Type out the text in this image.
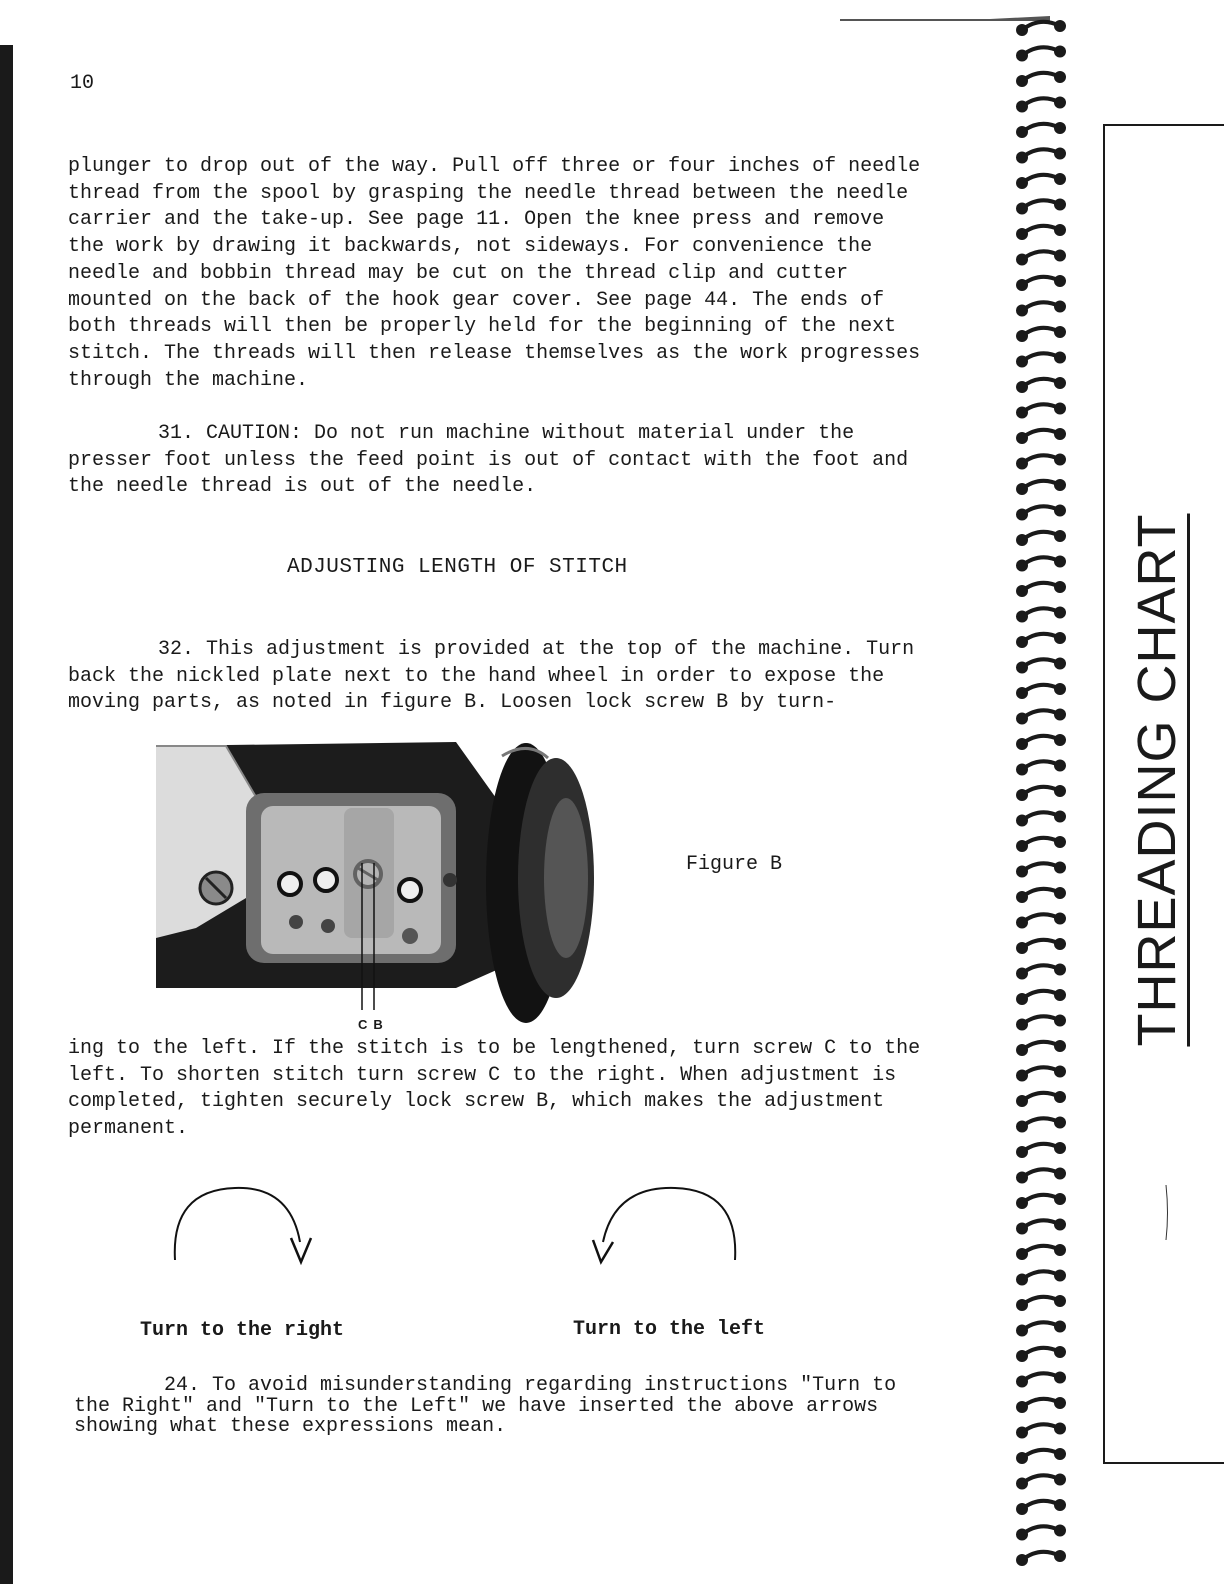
10

plunger to drop out of the way. Pull off three or four inches of needle thread from the spool by grasping the needle thread between the needle carrier and the take-up. See page 11. Open the knee press and remove the work by drawing it backwards, not sideways. For convenience the needle and bobbin thread may be cut on the thread clip and cutter mounted on the back of the hook gear cover. See page 44. The ends of both threads will then be properly held for the beginning of the next stitch. The threads will then release themselves as the work progresses through the machine.

31. CAUTION: Do not run machine without material under the presser foot unless the feed point is out of contact with the foot and the needle thread is out of the needle.

ADJUSTING LENGTH OF STITCH

32. This adjustment is provided at the top of the machine. Turn back the nickled plate next to the hand wheel in order to expose the moving parts, as noted in figure B. Loosen lock screw B by turn-

CB
Figure B

ing to the left. If the stitch is to be lengthened, turn screw C to the left. To shorten stitch turn screw C to the right. When adjustment is completed, tighten securely lock screw B, which makes the adjustment permanent.

Turn to the right	Turn to the left

24. To avoid misunderstanding regarding instructions "Turn to the Right" and "Turn to the Left" we have inserted the above arrows showing what these expressions mean.

THREADING CHART
